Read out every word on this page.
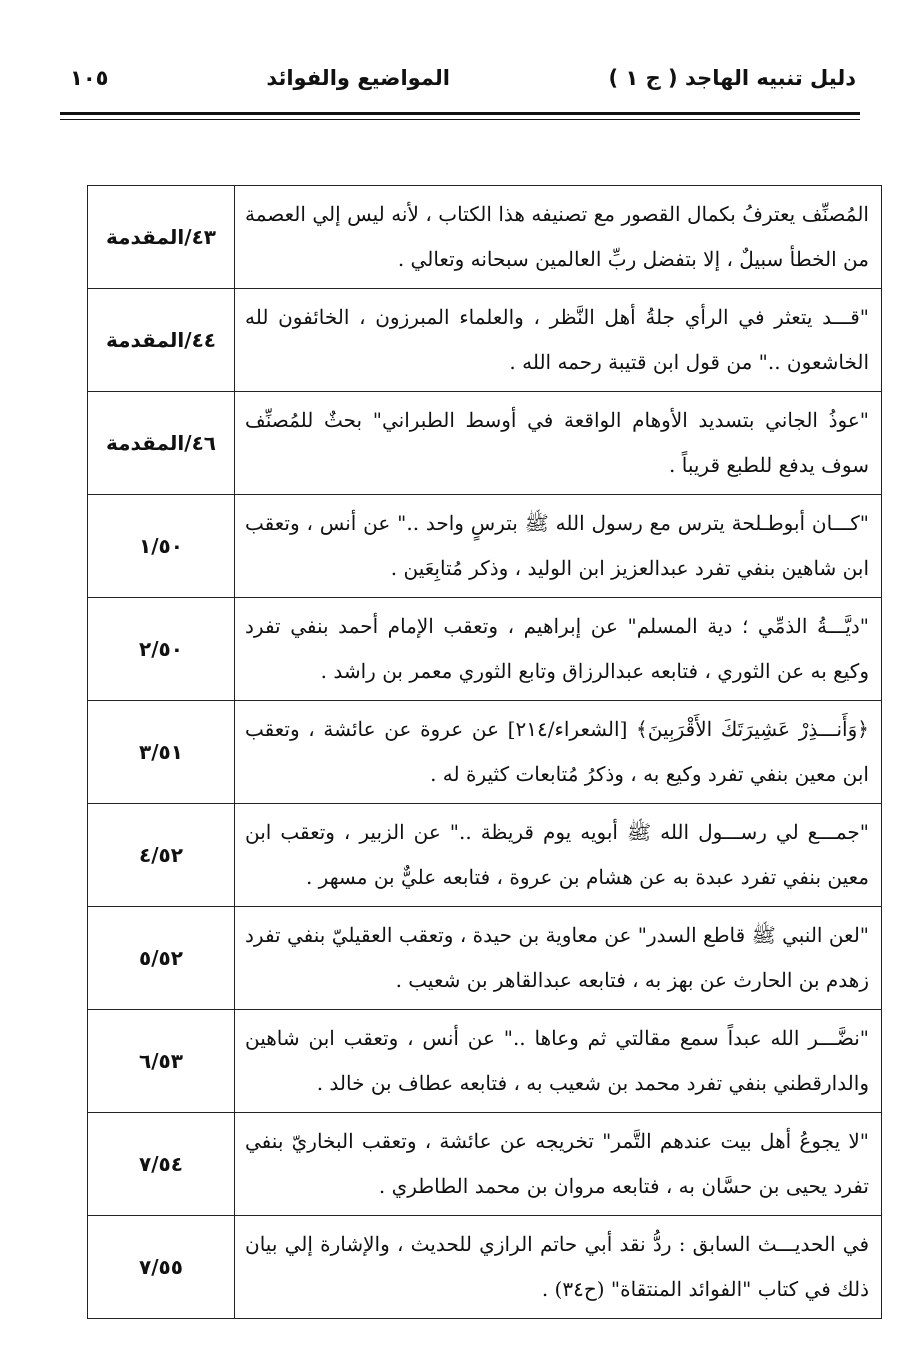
دليل تنبيه الهاجد ( ج ١ )
المواضيع والفوائد
١٠٥
المُصنِّف يعترفُ بكمال القصور مع تصنيفه هذا الكتاب ، لأنه ليس إلي العصمة من الخطأ سبيلٌ ، إلا بتفضل ربِّ العالمين سبحانه وتعالي .	٤٣/المقدمة
"قـــد يتعثر في الرأي جلةُ أهل النَّظر ، والعلماء المبرزون ، الخائفون لله الخاشعون .." من قول ابن قتيبة رحمه الله .	٤٤/المقدمة
"عوذُ الجاني بتسديد الأوهام الواقعة في أوسط الطبراني" بحثٌ للمُصنِّف سوف يدفع للطبع قريباً .	٤٦/المقدمة
"كـــان أبوطـلحة يترس مع رسول الله ﷺ بترسٍ واحد .." عن أنس ، وتعقب ابن شاهين بنفي تفرد عبدالعزيز ابن الوليد ، وذكر مُتابِعَين .	١/٥٠
"ديَّـــةُ الذمِّي ؛ دية المسلم" عن إبراهيم ، وتعقب الإمام أحمد بنفي تفرد وكيع به عن الثوري ، فتابعه عبدالرزاق وتابع الثوري معمر بن راشد .	٢/٥٠
﴿وَأَنـــذِرْ عَشِيرَتَكَ الأَقْرَبِينَ﴾ [الشعراء/٢١٤] عن عروة عن عائشة ، وتعقب ابن معين بنفي تفرد وكيع به ، وذكرُ مُتابعات كثيرة له .	٣/٥١
"جمـــع لي رســـول الله ﷺ أبويه يوم قريظة .." عن الزبير ، وتعقب ابن معين بنفي تفرد عبدة به عن هشام بن عروة ، فتابعه عليٌّ بن مسهر .	٤/٥٢
"لعن النبي ﷺ قاطع السدر" عن معاوية بن حيدة ، وتعقب العقيليّ بنفي تفرد زهدم بن الحارث عن بهز به ، فتابعه عبدالقاهر بن شعيب .	٥/٥٢
"نضَّـــر الله عبداً سمع مقالتي ثم وعاها .." عن أنس ، وتعقب ابن شاهين والدارقطني بنفي تفرد محمد بن شعيب به ، فتابعه عطاف بن خالد .	٦/٥٣
"لا يجوعُ أهل بيت عندهم التَّمر" تخريجه عن عائشة ، وتعقب البخاريّ بنفي تفرد يحيى بن حسَّان به ، فتابعه مروان بن محمد الطاطري .	٧/٥٤
في الحديـــث السابق : ردُّ نقد أبي حاتم الرازي للحديث ، والإشارة إلي بيان ذلك في كتاب "الفوائد المنتقاة" (ح٣٤) .	٧/٥٥
